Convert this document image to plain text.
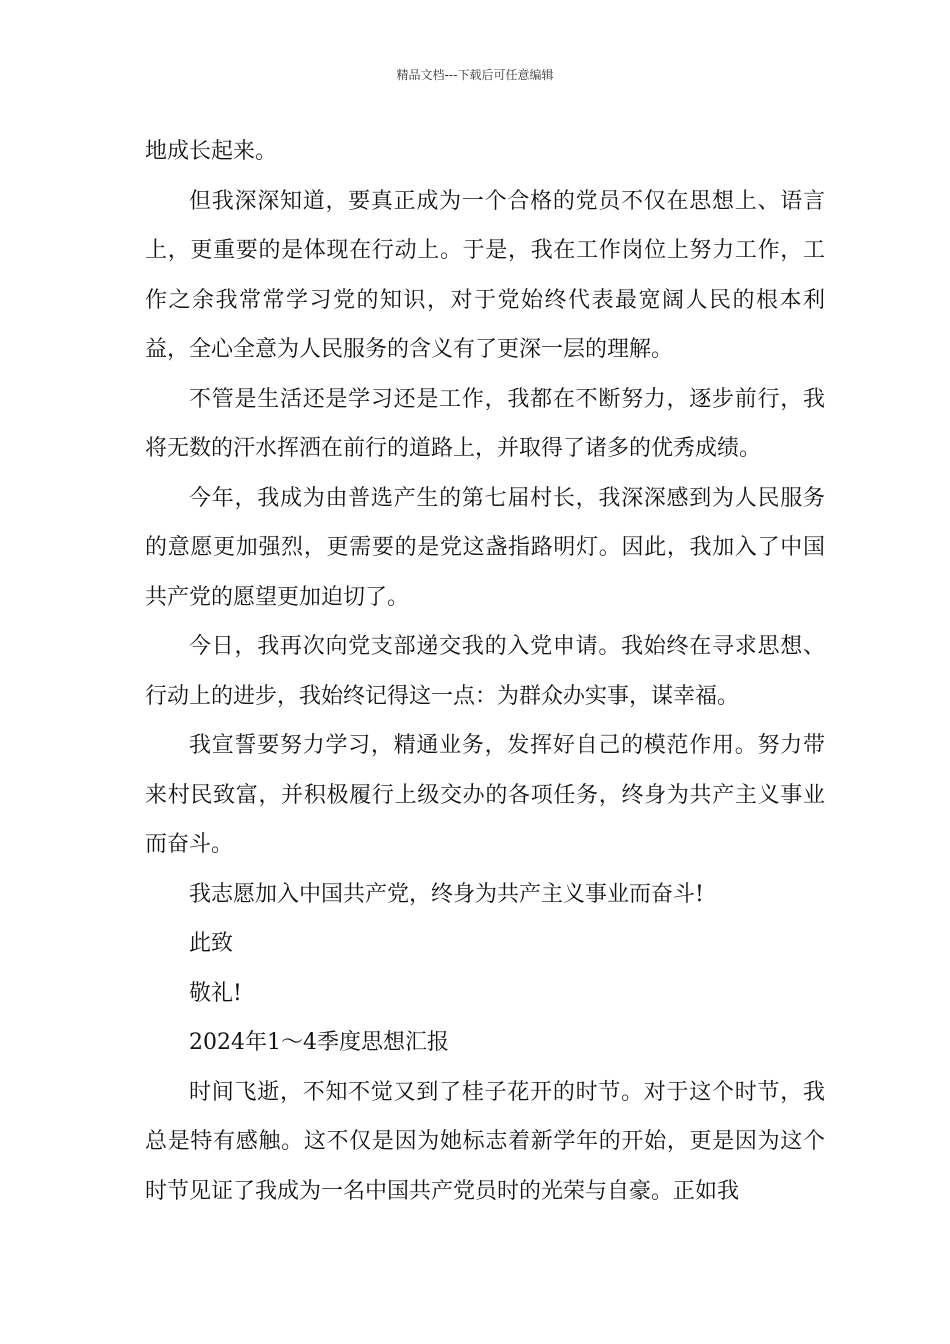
精品文档---下载后可任意编辑

地成长起来。

但我深深知道，要真正成为一个合格的党员不仅在思想上、语言上，更重要的是体现在行动上。于是，我在工作岗位上努力工作，工作之余我常常学习党的知识，对于党始终代表最宽阔人民的根本利益，全心全意为人民服务的含义有了更深一层的理解。

不管是生活还是学习还是工作，我都在不断努力，逐步前行，我将无数的汗水挥洒在前行的道路上，并取得了诸多的优秀成绩。

今年，我成为由普选产生的第七届村长，我深深感到为人民服务的意愿更加强烈，更需要的是党这盏指路明灯。因此，我加入了中国共产党的愿望更加迫切了。

今日，我再次向党支部递交我的入党申请。我始终在寻求思想、行动上的进步，我始终记得这一点：为群众办实事，谋幸福。

我宣誓要努力学习，精通业务，发挥好自己的模范作用。努力带来村民致富，并积极履行上级交办的各项任务，终身为共产主义事业而奋斗。

我志愿加入中国共产党，终身为共产主义事业而奋斗!

此致

敬礼!

2024年1～4季度思想汇报

时间飞逝，不知不觉又到了桂子花开的时节。对于这个时节，我总是特有感触。这不仅是因为她标志着新学年的开始，更是因为这个时节见证了我成为一名中国共产党员时的光荣与自豪。正如我
